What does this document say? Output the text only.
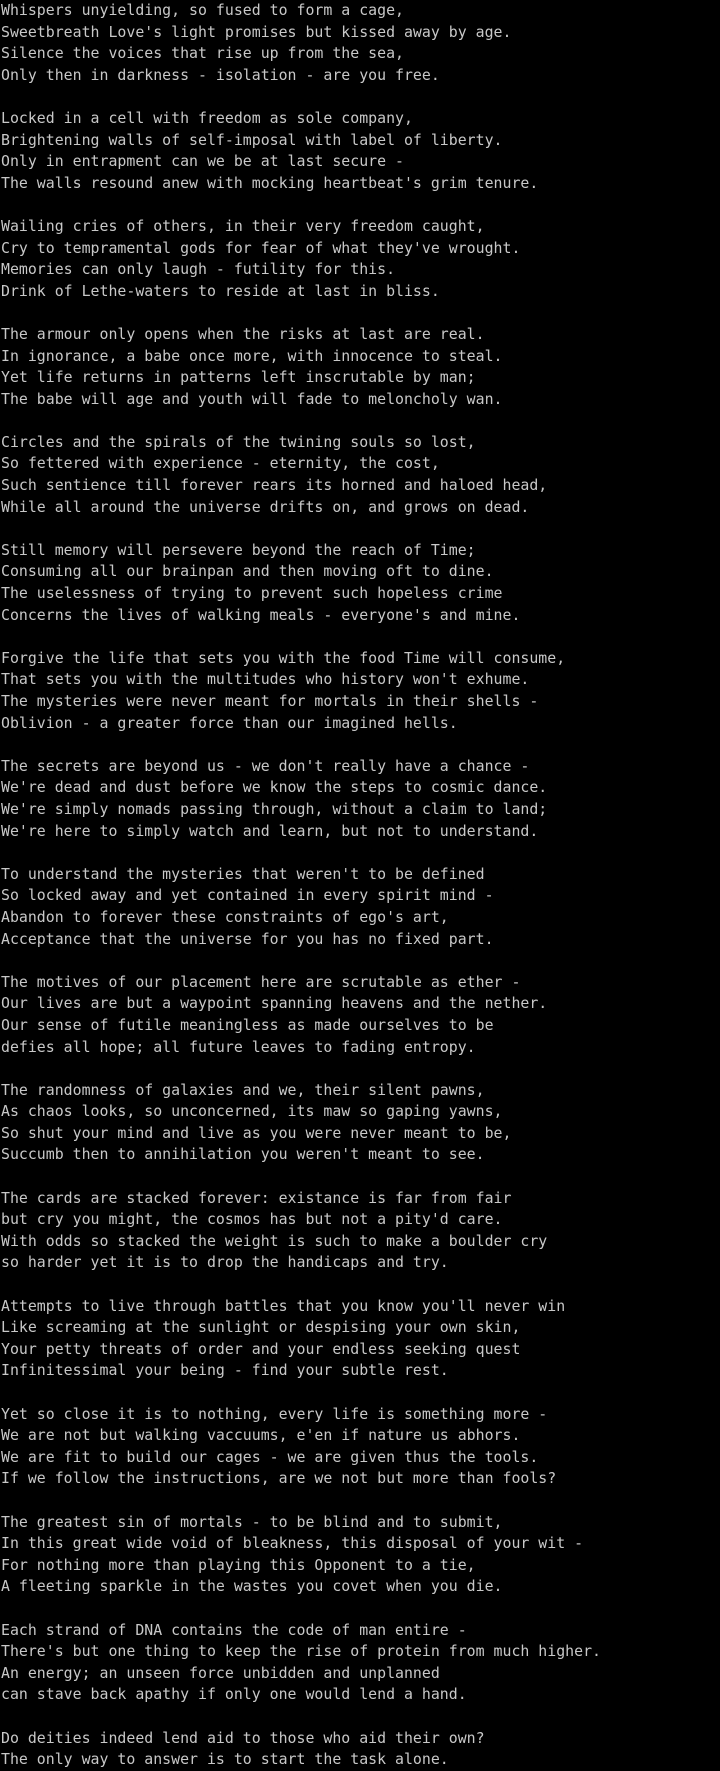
Whispers unyielding, so fused to form a cage,
Sweetbreath Love's light promises but kissed away by age.
Silence the voices that rise up from the sea,
Only then in darkness - isolation - are you free.
Locked in a cell with freedom as sole company,
Brightening walls of self-imposal with label of liberty.
Only in entrapment can we be at last secure -
The walls resound anew with mocking heartbeat's grim tenure.
Wailing cries of others, in their very freedom caught,
Cry to tempramental gods for fear of what they've wrought.
Memories can only laugh - futility for this.
Drink of Lethe-waters to reside at last in bliss.
The armour only opens when the risks at last are real.
In ignorance, a babe once more, with innocence to steal.
Yet life returns in patterns left inscrutable by man;
The babe will age and youth will fade to meloncholy wan.
Circles and the spirals of the twining souls so lost,
So fettered with experience - eternity, the cost,
Such sentience till forever rears its horned and haloed head,
While all around the universe drifts on, and grows on dead.
Still memory will persevere beyond the reach of Time;
Consuming all our brainpan and then moving oft to dine.
The uselessness of trying to prevent such hopeless crime
Concerns the lives of walking meals - everyone's and mine.
Forgive the life that sets you with the food Time will consume,
That sets you with the multitudes who history won't exhume.
The mysteries were never meant for mortals in their shells -
Oblivion - a greater force than our imagined hells.
The secrets are beyond us - we don't really have a chance -
We're dead and dust before we know the steps to cosmic dance.
We're simply nomads passing through, without a claim to land;
We're here to simply watch and learn, but not to understand.
To understand the mysteries that weren't to be defined
So locked away and yet contained in every spirit mind -
Abandon to forever these constraints of ego's art,
Acceptance that the universe for you has no fixed part.
The motives of our placement here are scrutable as ether -
Our lives are but a waypoint spanning heavens and the nether.
Our sense of futile meaningless as made ourselves to be
defies all hope; all future leaves to fading entropy.
The randomness of galaxies and we, their silent pawns,
As chaos looks, so unconcerned, its maw so gaping yawns,
So shut your mind and live as you were never meant to be,
Succumb then to annihilation you weren't meant to see.
The cards are stacked forever: existance is far from fair
but cry you might, the cosmos has but not a pity'd care.
With odds so stacked the weight is such to make a boulder cry
so harder yet it is to drop the handicaps and try.
Attempts to live through battles that you know you'll never win
Like screaming at the sunlight or despising your own skin,
Your petty threats of order and your endless seeking quest
Infinitessimal your being - find your subtle rest.
Yet so close it is to nothing, every life is something more -
We are not but walking vaccuums, e'en if nature us abhors.
We are fit to build our cages - we are given thus the tools.
If we follow the instructions, are we not but more than fools?
The greatest sin of mortals - to be blind and to submit,
In this great wide void of bleakness, this disposal of your wit -
For nothing more than playing this Opponent to a tie,
A fleeting sparkle in the wastes you covet when you die.
Each strand of DNA contains the code of man entire -
There's but one thing to keep the rise of protein from much higher.
An energy; an unseen force unbidden and unplanned
can stave back apathy if only one would lend a hand.
Do deities indeed lend aid to those who aid their own?
The only way to answer is to start the task alone.
